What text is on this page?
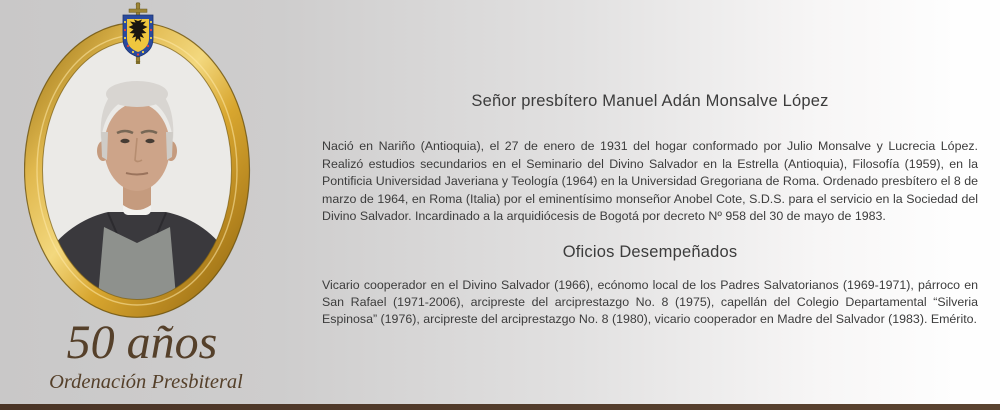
50 años
Ordenación Presbiteral
Señor presbítero Manuel Adán Monsalve López

Nació en Nariño (Antioquia), el 27 de enero de 1931 del hogar conformado por Julio Monsalve y Lucrecia López. Realizó estudios secundarios en el Seminario del Divino Salvador en la Estrella (Antioquia), Filosofía (1959), en la Pontificia Universidad Javeriana y Teología (1964) en la Universidad Gregoriana de Roma. Ordenado presbítero el 8 de marzo de 1964, en Roma (Italia) por el eminentísimo monseñor Anobel Cote, S.D.S. para el servicio en la Sociedad del Divino Salvador. Incardinado a la arquidiócesis de Bogotá por decreto Nº 958 del 30 de mayo de 1983.

Oficios Desempeñados

Vicario cooperador en el Divino Salvador (1966), ecónomo local de los Padres Salvatorianos (1969-1971), párroco en San Rafael (1971-2006), arcipreste del arciprestazgo No. 8 (1975), capellán del Colegio Departamental “Silveria Espinosa” (1976), arcipreste del arciprestazgo No. 8 (1980), vicario cooperador en Madre del Salvador (1983). Emérito.
